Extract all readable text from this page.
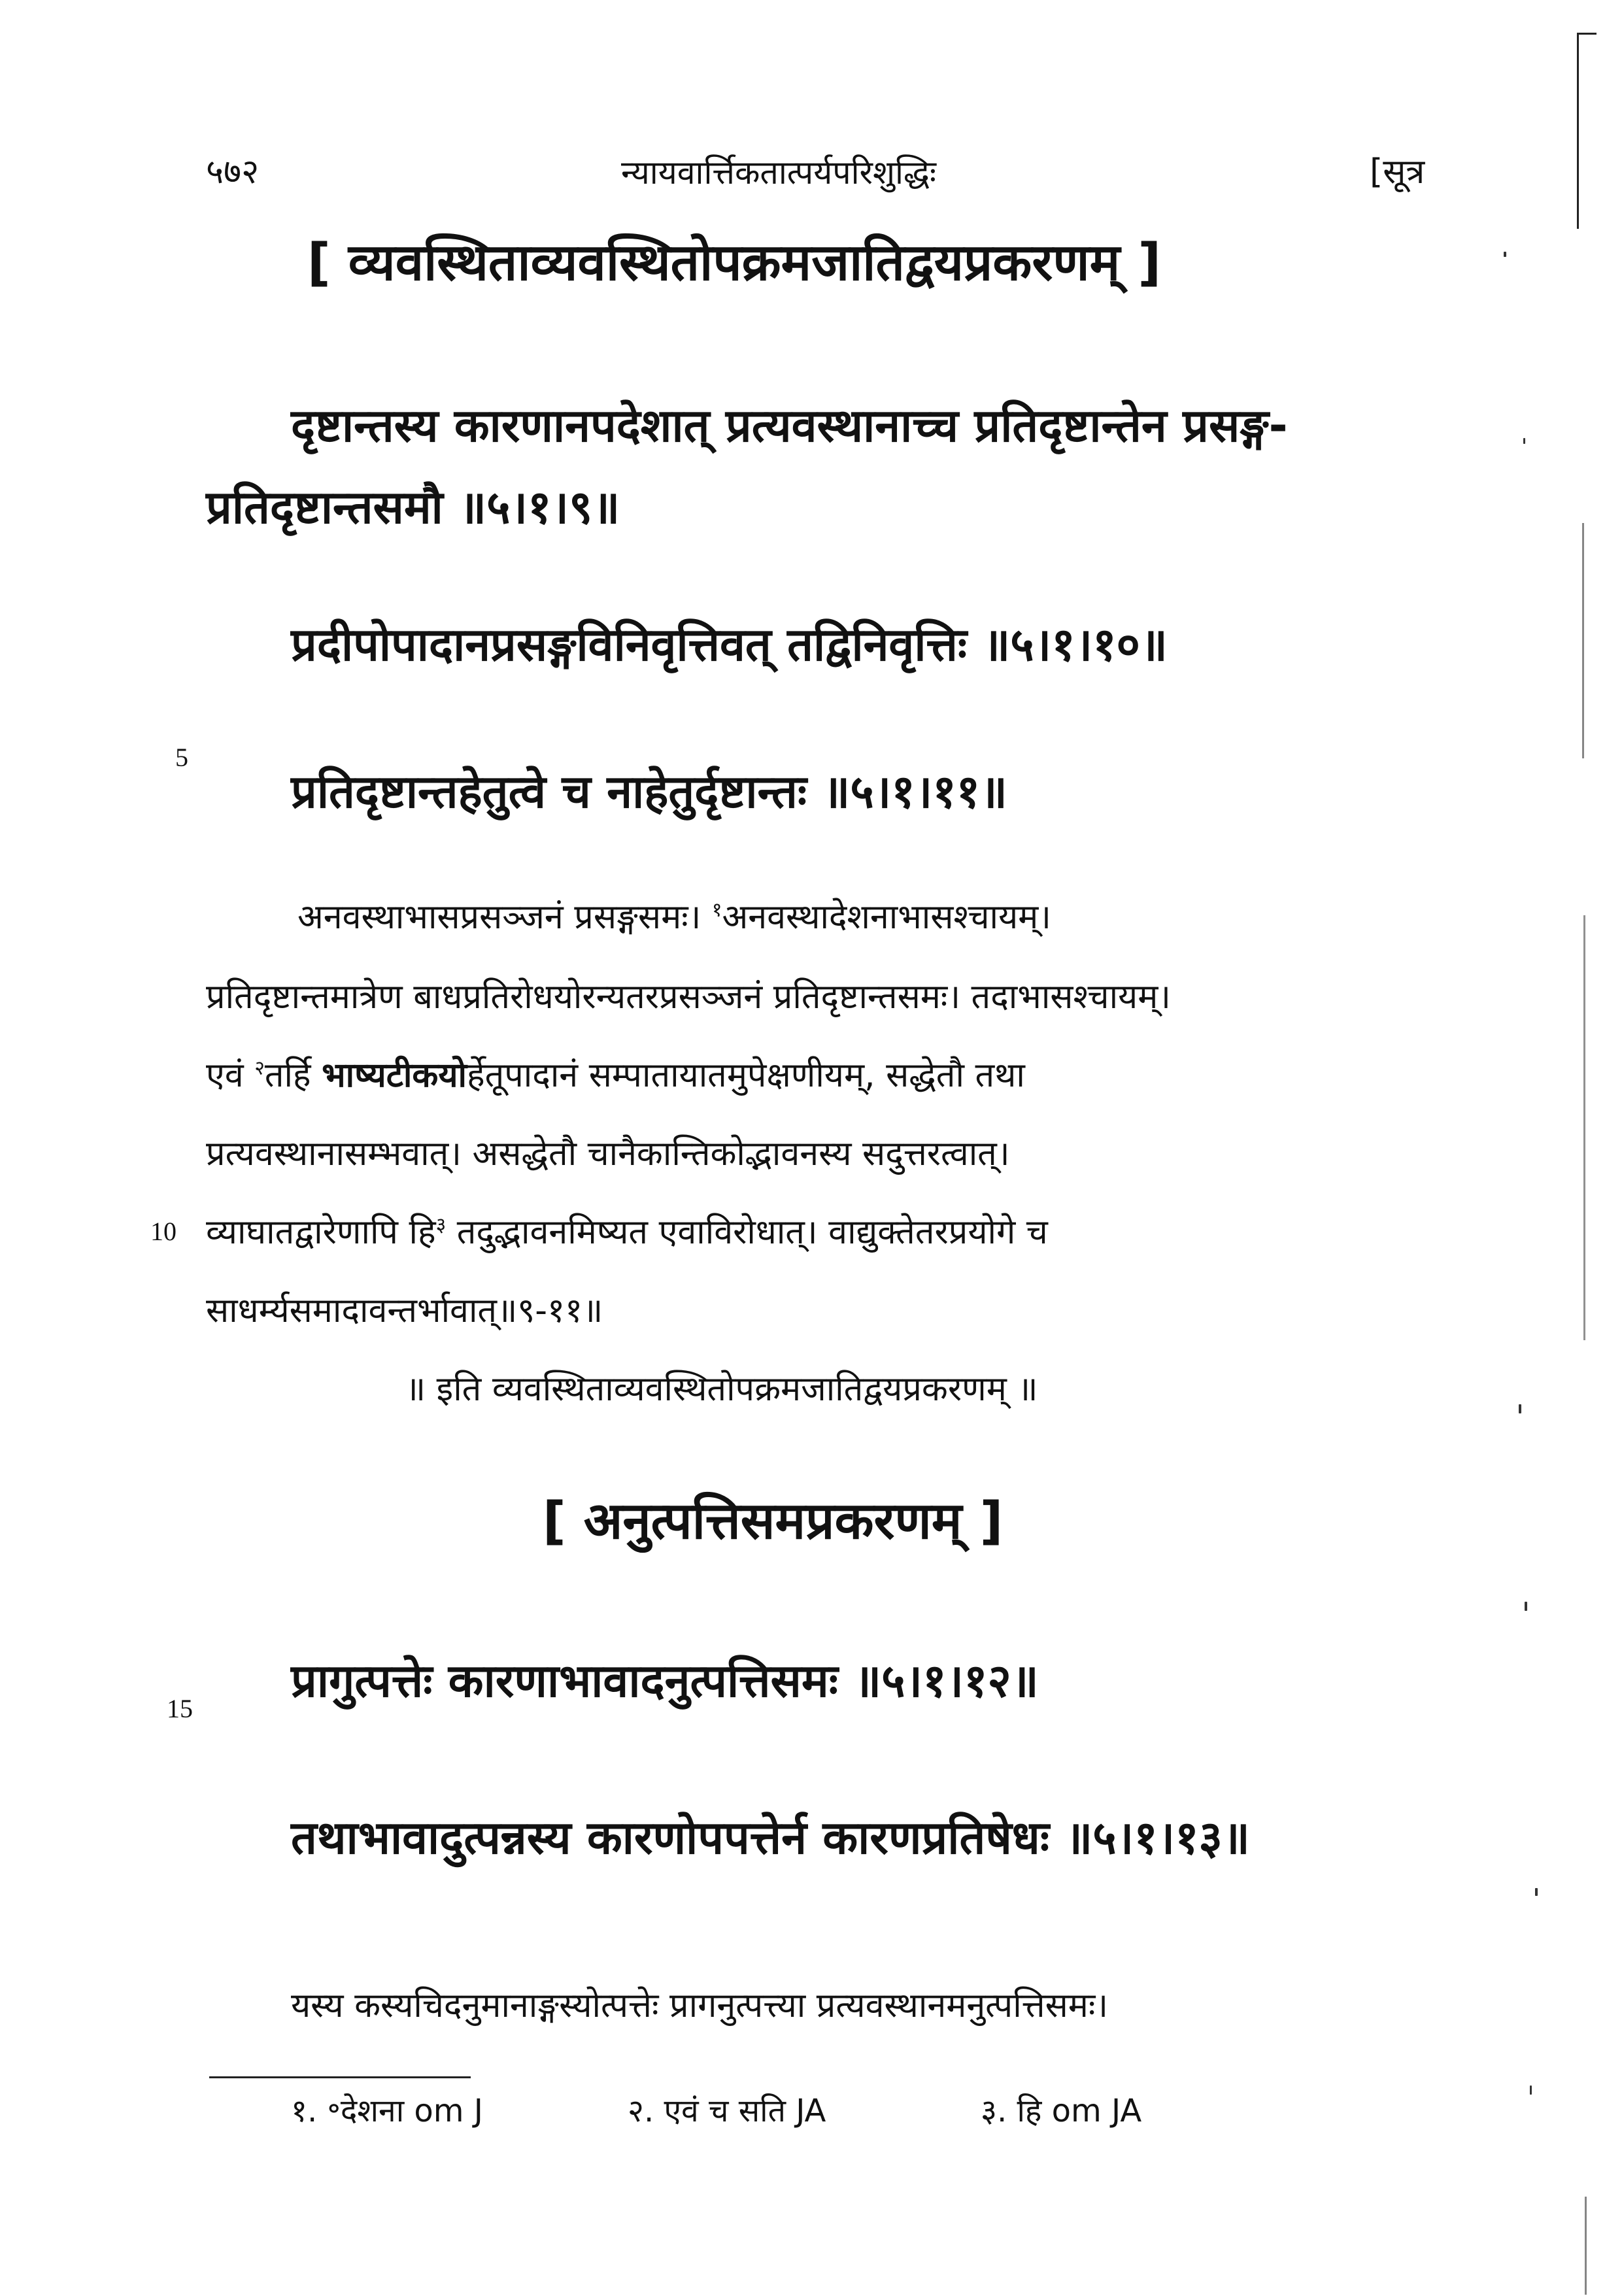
५७२	न्यायवार्त्तिकतात्पर्यपरिशुद्धिः	[सूत्र
[ व्यवस्थिताव्यवस्थितोपक्रमजातिद्वयप्रकरणम् ]
दृष्टान्तस्य कारणानपदेशात् प्रत्यवस्थानाच्च प्रतिदृष्टान्तेन प्रसङ्ग-
प्रतिदृष्टान्तसमौ ॥५।१।९॥
प्रदीपोपादानप्रसङ्गविनिवृत्तिवत् तद्विनिवृत्तिः ॥५।१।१०॥
5
प्रतिदृष्टान्तहेतुत्वे च नाहेतुर्दृष्टान्तः ॥५।१।११॥
अनवस्थाभासप्रसञ्जनं प्रसङ्गसमः। $^१$अनवस्थादेशनाभासश्चायम्।
प्रतिदृष्टान्तमात्रेण बाधप्रतिरोधयोरन्यतरप्रसञ्जनं प्रतिदृष्टान्तसमः। तदाभासश्चायम्।
एवं $^२$तर्हि भाष्यटीकयोर्हेतूपादानं सम्पातायातमुपेक्षणीयम्, सद्धेतौ तथा
प्रत्यवस्थानासम्भवात्। असद्धेतौ चानैकान्तिकोद्भावनस्य सदुत्तरत्वात्।
10 व्याघातद्वारेणापि हि$^३$ तदुद्भावनमिष्यत एवाविरोधात्। वाद्युक्तेतरप्रयोगे च
साधर्म्यसमादावन्तर्भावात्॥९-११॥
॥ इति व्यवस्थिताव्यवस्थितोपक्रमजातिद्वयप्रकरणम् ॥
[ अनुत्पत्तिसमप्रकरणम् ]
प्रागुत्पत्तेः कारणाभावादनुत्पत्तिसमः ॥५।१।१२॥
15
तथाभावादुत्पन्नस्य कारणोपपत्तेर्न कारणप्रतिषेधः ॥५।१।१३॥
यस्य कस्यचिदनुमानाङ्गस्योत्पत्तेः प्रागनुत्पत्त्या प्रत्यवस्थानमनुत्पत्तिसमः।
१. ॰देशना om J	२. एवं च सति JA	३. हि om JA
